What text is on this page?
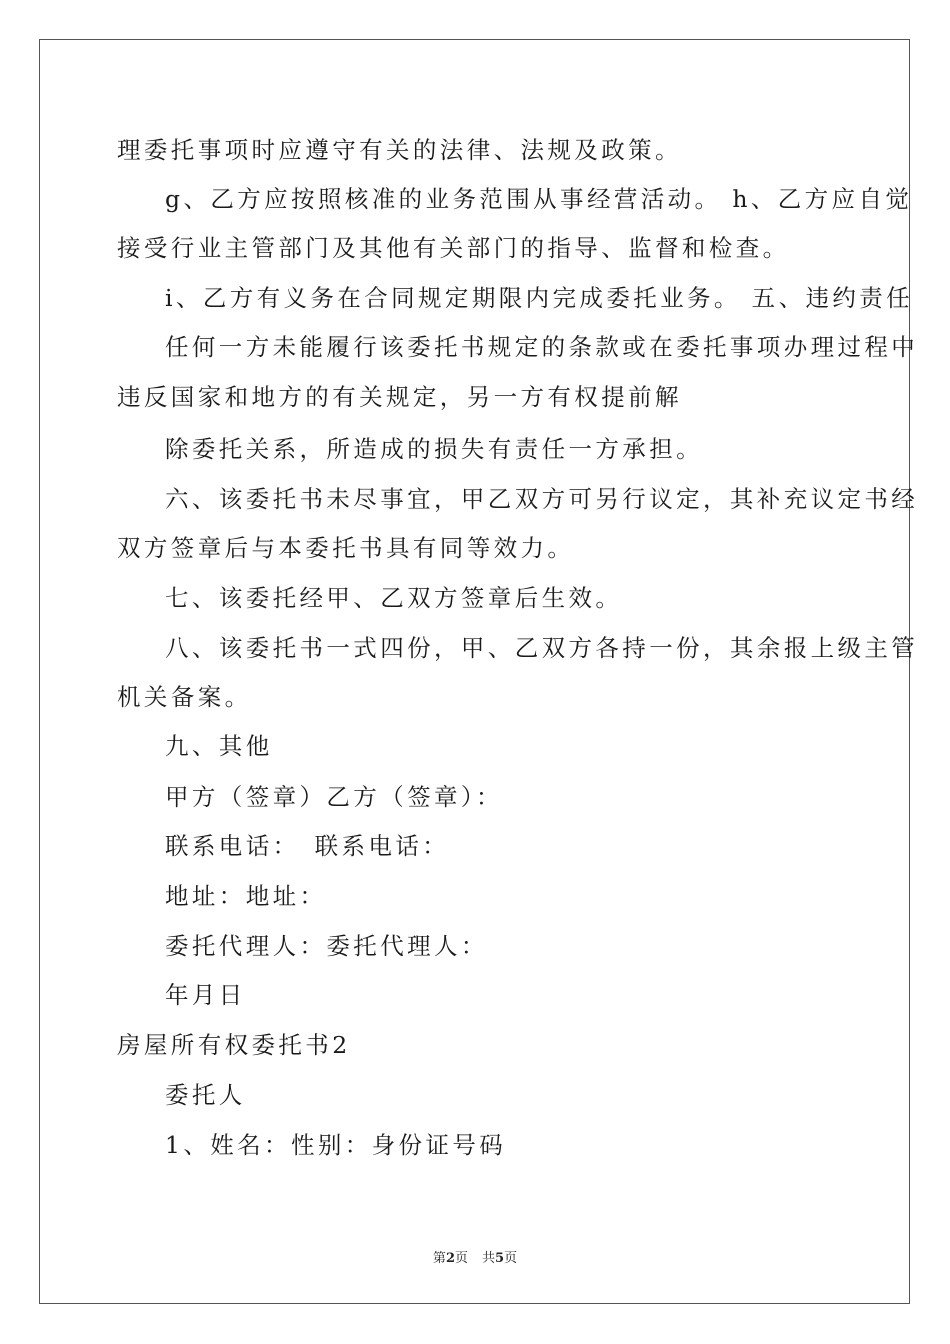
理委托事项时应遵守有关的法律、法规及政策。
g、乙方应按照核准的业务范围从事经营活动。 h、乙方应自觉
接受行业主管部门及其他有关部门的指导、监督和检查。
i、乙方有义务在合同规定期限内完成委托业务。 五、违约责任
任何一方未能履行该委托书规定的条款或在委托事项办理过程中
违反国家和地方的有关规定，另一方有权提前解
除委托关系，所造成的损失有责任一方承担。
六、该委托书未尽事宜，甲乙双方可另行议定，其补充议定书经
双方签章后与本委托书具有同等效力。
七、该委托经甲、乙双方签章后生效。
八、该委托书一式四份，甲、乙双方各持一份，其余报上级主管
机关备案。
九、其他
甲方（签章）乙方（签章）：
联系电话：　联系电话：
地址：地址：
委托代理人：委托代理人：
年月日
房屋所有权委托书2
委托人
1、姓名：性别：身份证号码
第2页 共5页
